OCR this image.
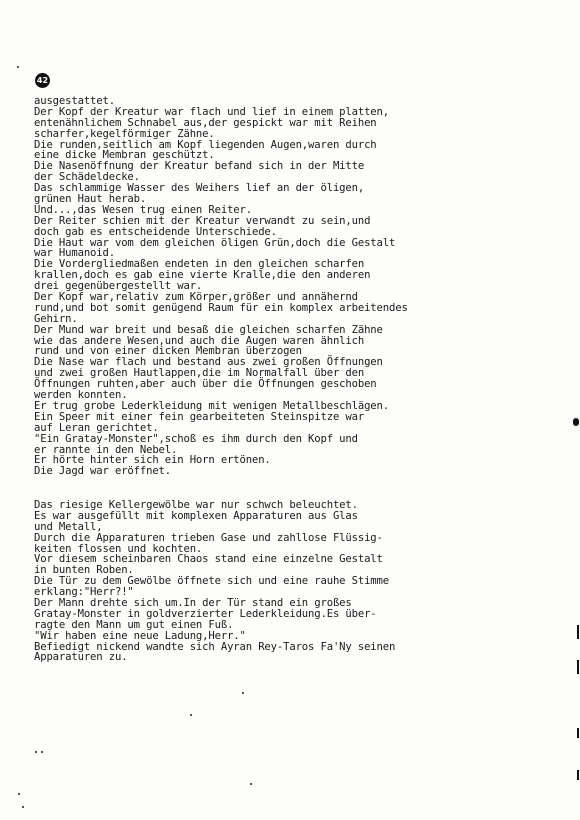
42
ausgestattet.
Der Kopf der Kreatur war flach und lief in einem platten,
entenähnlichem Schnabel aus,der gespickt war mit Reihen
scharfer,kegelförmiger Zähne.
Die runden,seitlich am Kopf liegenden Augen,waren durch
eine dicke Membran geschützt.
Die Nasenöffnung der Kreatur befand sich in der Mitte
der Schädeldecke.
Das schlammige Wasser des Weihers lief an der öligen,
grünen Haut herab.
Und...,das Wesen trug einen Reiter.
Der Reiter schien mit der Kreatur verwandt zu sein,und
doch gab es entscheidende Unterschiede.
Die Haut war vom dem gleichen öligen Grün,doch die Gestalt
war Humanoid.
Die Vordergliedmaßen endeten in den gleichen scharfen
krallen,doch es gab eine vierte Kralle,die den anderen
drei gegenübergestellt war.
Der Kopf war,relativ zum Körper,größer und annähernd
rund,und bot somit genügend Raum für ein komplex arbeitendes
Gehirn.
Der Mund war breit und besaß die gleichen scharfen Zähne
wie das andere Wesen,und auch die Augen waren ähnlich
rund und von einer dicken Membran überzogen
Die Nase war flach und bestand aus zwei großen Öffnungen
und zwei großen Hautlappen,die im Normalfall über den
Öffnungen ruhten,aber auch über die Öffnungen geschoben
werden konnten.
Er trug grobe Lederkleidung mit wenigen Metallbeschlägen.
Ein Speer mit einer fein gearbeiteten Steinspitze war
auf Leran gerichtet.
"Ein Gratay-Monster",schoß es ihm durch den Kopf und
er rannte in den Nebel.
Er hörte hinter sich ein Horn ertönen.
Die Jagd war eröffnet.
Das riesige Kellergewölbe war nur schwch beleuchtet.
Es war ausgefüllt mit komplexen Apparaturen aus Glas
und Metall,
Durch die Apparaturen trieben Gase und zahllose Flüssig-
keiten flossen und kochten.
Vor diesem scheinbaren Chaos stand eine einzelne Gestalt
in bunten Roben.
Die Tür zu dem Gewölbe öffnete sich und eine rauhe Stimme
erklang:"Herr?!"
Der Mann drehte sich um.In der Tür stand ein großes
Gratay-Monster in goldverzierter Lederkleidung.Es über-
ragte den Mann um gut einen Fuß.
"Wir haben eine neue Ladung,Herr."
Befiedigt nickend wandte sich Ayran Rey-Taros Fa'Ny seinen
Apparaturen zu.
